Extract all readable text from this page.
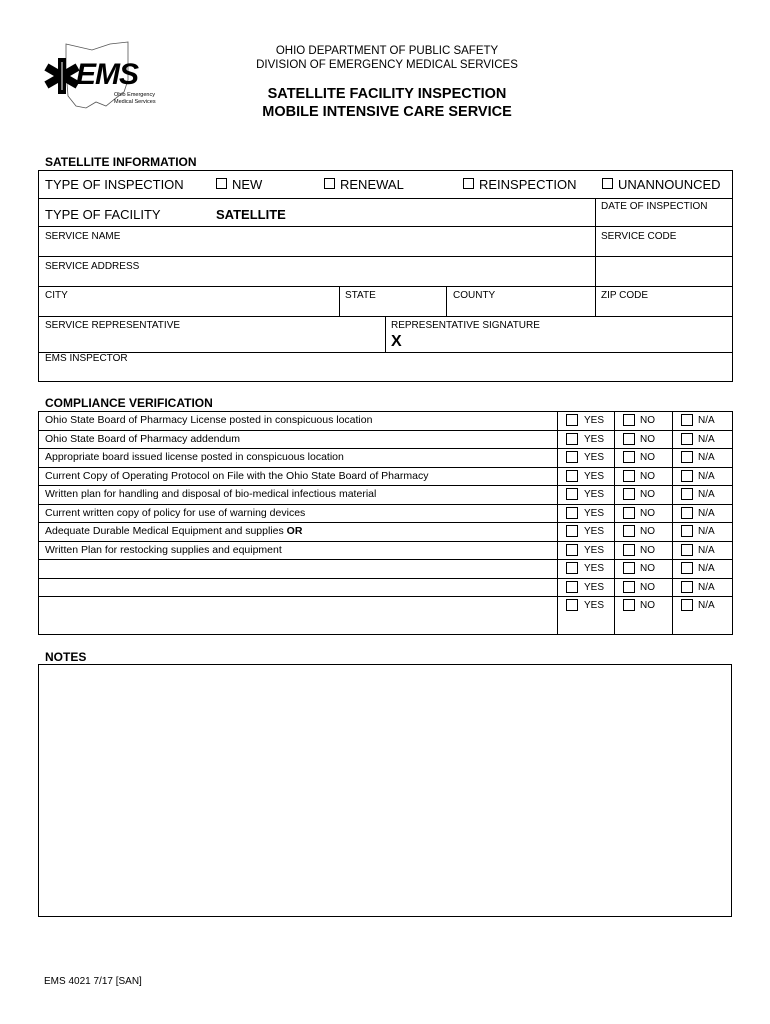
EMS
Ohio Emergency
Medical Services
OHIO DEPARTMENT OF PUBLIC SAFETY
DIVISION OF EMERGENCY MEDICAL SERVICES
SATELLITE FACILITY INSPECTION
MOBILE INTENSIVE CARE SERVICE
SATELLITE INFORMATION
TYPE OF INSPECTION	NEW	RENEWAL	REINSPECTION	UNANNOUNCED
TYPE OF FACILITY	SATELLITE
DATE OF INSPECTION
SERVICE NAME	SERVICE CODE
SERVICE ADDRESS
CITY	STATE	COUNTY	ZIP CODE
SERVICE REPRESENTATIVE	REPRESENTATIVE SIGNATURE
X
EMS INSPECTOR
COMPLIANCE VERIFICATION
Ohio State Board of Pharmacy License posted in conspicuous location	YES	NO	N/A
Ohio State Board of Pharmacy addendum	YES	NO	N/A
Appropriate board issued license posted in conspicuous location	YES	NO	N/A
Current Copy of Operating Protocol on File with the Ohio State Board of Pharmacy	YES	NO	N/A
Written plan for handling and disposal of bio-medical infectious material	YES	NO	N/A
Current written copy of policy for use of warning devices	YES	NO	N/A
Adequate Durable Medical Equipment and supplies OR	YES	NO	N/A
Written Plan for restocking supplies and equipment	YES	NO	N/A
YES	NO	N/A
YES	NO	N/A
YES	NO	N/A
NOTES
EMS 4021 7/17 [SAN]
